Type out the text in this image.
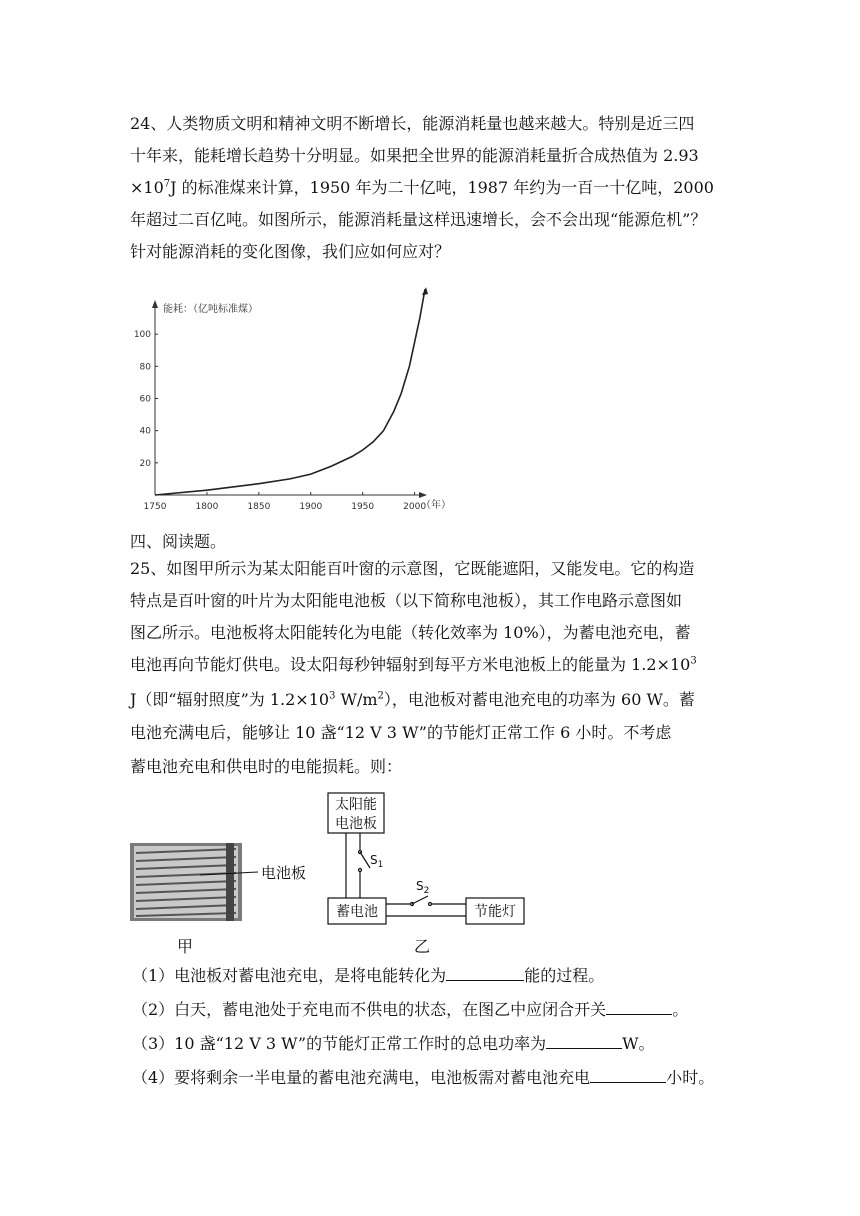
24、人类物质文明和精神文明不断增长，能源消耗量也越来越大。特别是近三四
十年来，能耗增长趋势十分明显。如果把全世界的能源消耗量折合成热值为 2.93
$\times 10^7J$ 的标准煤来计算，1950 年为二十亿吨，1987 年约为一百一十亿吨，2000
年超过二百亿吨。如图所示，能源消耗量这样迅速增长，会不会出现“能源危机”？
针对能源消耗的变化图像，我们应如何应对？
1750	1800	1850	1900	1950	2000
20
40
60
80
100
能耗：（亿吨标准煤）
（年）
四、阅读题。
25、如图甲所示为某太阳能百叶窗的示意图，它既能遮阳，又能发电。它的构造
特点是百叶窗的叶片为太阳能电池板（以下简称电池板），其工作电路示意图如
图乙所示。电池板将太阳能转化为电能（转化效率为 10%），为蓄电池充电，蓄
电池再向节能灯供电。设太阳每秒钟辐射到每平方米电池板上的能量为 $1.2\times 10^3$
J（即“辐射照度”为 $1.2\times 10^3$ $W/m^2$），电池板对蓄电池充电的功率为 60 W。蓄
电池充满电后，能够让 10 盏“12 V 3 W”的节能灯正常工作 6 小时。不考虑
蓄电池充电和供电时的电能损耗。则：
电池板
太阳能
电池板
$S_1$
$S_2$
蓄电池	节能灯
甲	乙
（1）电池板对蓄电池充电，是将电能转化为	能的过程。
（2）白天，蓄电池处于充电而不供电的状态，在图乙中应闭合开关	。
（3）10 盏“12 V 3 W”的节能灯正常工作时的总电功率为	W。
（4）要将剩余一半电量的蓄电池充满电，电池板需对蓄电池充电	小时。
